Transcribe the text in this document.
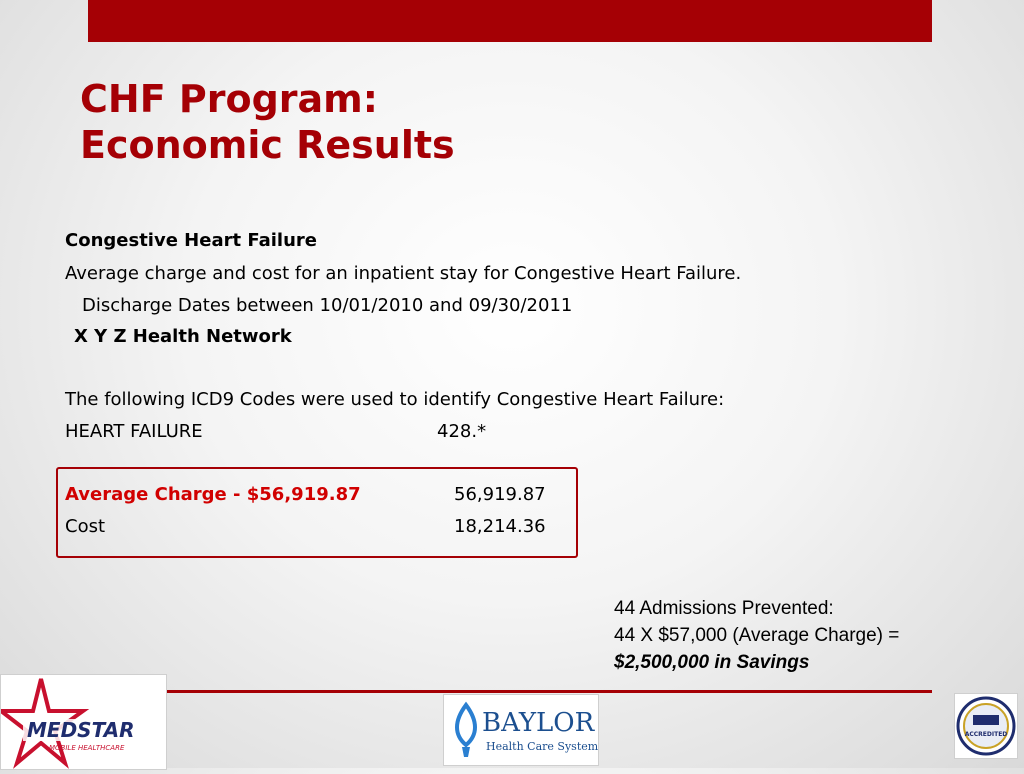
CHF Program:
Economic Results
Congestive Heart Failure
Average charge and cost for an inpatient stay for Congestive Heart Failure.
Discharge Dates between 10/01/2010 and 09/30/2011
X Y Z Health Network
The following ICD9 Codes were used to identify Congestive Heart Failure:
HEART FAILURE	428.*
Average Charge - $56,919.87	56,919.87
Cost	18,214.36
44 Admissions Prevented:
44 X $57,000 (Average Charge) =
$2,500,000 in Savings
MEDSTAR
MOBILE HEALTHCARE
BAYLOR
Health Care System
ACCREDITED
